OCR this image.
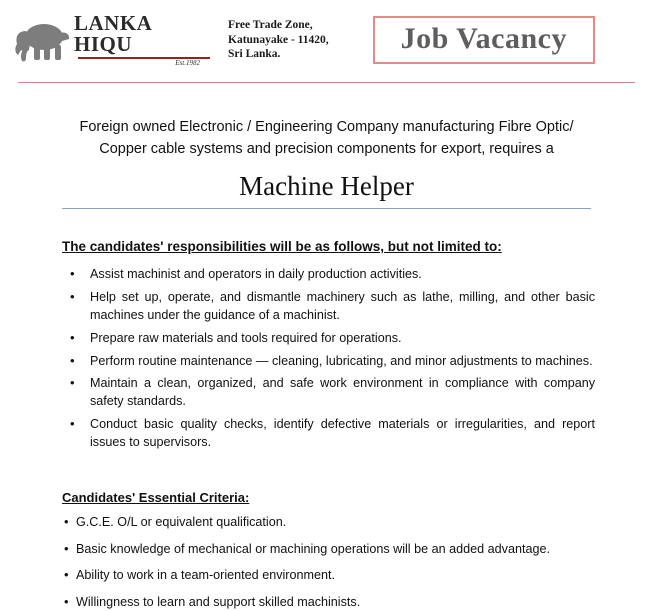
LANKA HIQU
Est.1982
Free Trade Zone,
Katunayake - 11420,
Sri Lanka.	Job Vacancy
Foreign owned Electronic / Engineering Company manufacturing Fibre Optic/
Copper cable systems and precision components for export, requires a
Machine Helper
The candidates' responsibilities will be as follows, but not limited to:
• Assist machinist and operators in daily production activities.
• Help set up, operate, and dismantle machinery such as lathe, milling, and other basic machines under the guidance of a machinist.
• Prepare raw materials and tools required for operations.
• Perform routine maintenance — cleaning, lubricating, and minor adjustments to machines.
• Maintain a clean, organized, and safe work environment in compliance with company safety standards.
• Conduct basic quality checks, identify defective materials or irregularities, and report issues to supervisors.
Candidates' Essential Criteria:
• G.C.E. O/L or equivalent qualification.
• Basic knowledge of mechanical or machining operations will be an added advantage.
• Ability to work in a team-oriented environment.
• Willingness to learn and support skilled machinists.
